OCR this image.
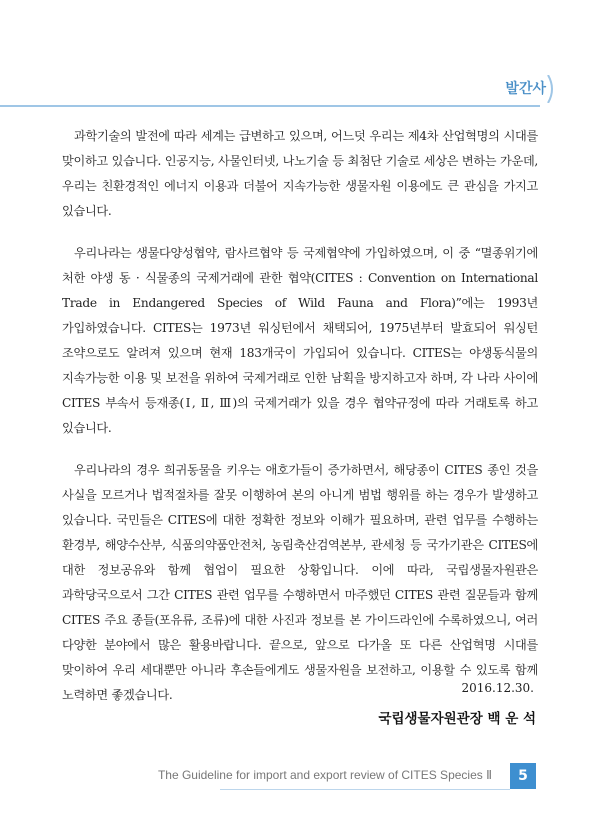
발간사

과학기술의 발전에 따라 세계는 급변하고 있으며, 어느덧 우리는 제4차 산업혁명의 시대를 맞이하고 있습니다. 인공지능, 사물인터넷, 나노기술 등 최첨단 기술로 세상은 변하는 가운데, 우리는 친환경적인 에너지 이용과 더불어 지속가능한 생물자원 이용에도 큰 관심을 가지고 있습니다.

우리나라는 생물다양성협약, 람사르협약 등 국제협약에 가입하였으며, 이 중 “멸종위기에 처한 야생 동 · 식물종의 국제거래에 관한 협약(CITES : Convention on International Trade in Endangered Species of Wild Fauna and Flora)”에는 1993년 가입하였습니다. CITES는 1973년 워싱턴에서 채택되어, 1975년부터 발효되어 워싱턴 조약으로도 알려져 있으며 현재 183개국이 가입되어 있습니다. CITES는 야생동식물의 지속가능한 이용 및 보전을 위하여 국제거래로 인한 남획을 방지하고자 하며, 각 나라 사이에 CITES 부속서 등재종(Ⅰ, Ⅱ, Ⅲ)의 국제거래가 있을 경우 협약규정에 따라 거래토록 하고 있습니다.

우리나라의 경우 희귀동물을 키우는 애호가들이 증가하면서, 해당종이 CITES 종인 것을 사실을 모르거나 법적절차를 잘못 이행하여 본의 아니게 범법 행위를 하는 경우가 발생하고 있습니다. 국민들은 CITES에 대한 정확한 정보와 이해가 필요하며, 관련 업무를 수행하는 환경부, 해양수산부, 식품의약품안전처, 농림축산검역본부, 관세청 등 국가기관은 CITES에 대한 정보공유와 함께 협업이 필요한 상황입니다. 이에 따라, 국립생물자원관은 과학당국으로서 그간 CITES 관련 업무를 수행하면서 마주했던 CITES 관련 질문들과 함께 CITES 주요 종들(포유류, 조류)에 대한 사진과 정보를 본 가이드라인에 수록하였으니, 여러 다양한 분야에서 많은 활용바랍니다. 끝으로, 앞으로 다가올 또 다른 산업혁명 시대를 맞이하여 우리 세대뿐만 아니라 후손들에게도 생물자원을 보전하고, 이용할 수 있도록 함께 노력하면 좋겠습니다.	2016.12.30.
국립생물자원관장 백 운 석
The Guideline for import and export review of CITES Species Ⅱ	5
